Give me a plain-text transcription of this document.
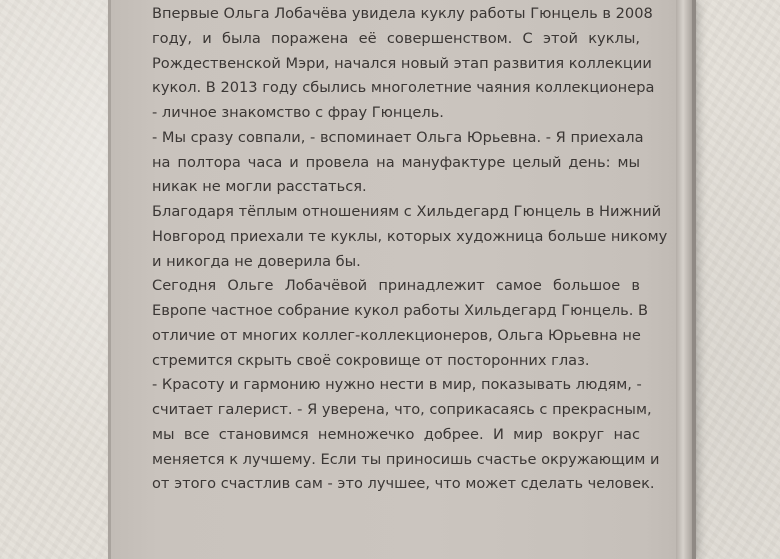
Впервые Ольга Лобачёва увидела куклу работы Гюнцель в 2008
году, и была поражена её совершенством. С этой куклы,
Рождественской Мэри, начался новый этап развития коллекции
кукол. В 2013 году сбылись многолетние чаяния коллекционера
- личное знакомство с фрау Гюнцель.
- Мы сразу совпали, - вспоминает Ольга Юрьевна. - Я приехала
на полтора часа и провела на мануфактуре целый день: мы
никак не могли расстаться.
Благодаря тёплым отношениям с Хильдегард Гюнцель в Нижний
Новгород приехали те куклы, которых художница больше никому
и никогда не доверила бы.
Сегодня Ольге Лобачёвой принадлежит самое большое в
Европе частное собрание кукол работы Хильдегард Гюнцель. В
отличие от многих коллег-коллекционеров, Ольга Юрьевна не
стремится скрыть своё сокровище от посторонних глаз.
- Красоту и гармонию нужно нести в мир, показывать людям, -
считает галерист. - Я уверена, что, соприкасаясь с прекрасным,
мы все становимся немножечко добрее. И мир вокруг нас
меняется к лучшему. Если ты приносишь счастье окружающим и
от этого счастлив сам - это лучшее, что может сделать человек.
